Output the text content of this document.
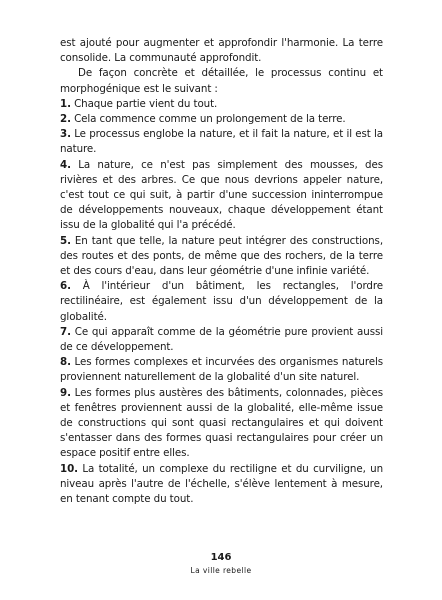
est ajouté pour augmenter et approfondir l'harmonie. La terre consolide. La communauté approfondit.

De façon concrète et détaillée, le processus continu et morphogénique est le suivant :

1. Chaque partie vient du tout.

2. Cela commence comme un prolongement de la terre.

3. Le processus englobe la nature, et il fait la nature, et il est la nature.

4. La nature, ce n'est pas simplement des mousses, des rivières et des arbres. Ce que nous devrions appeler nature, c'est tout ce qui suit, à partir d'une succession ininterrompue de développements nouveaux, chaque développement étant issu de la globalité qui l'a précédé.

5. En tant que telle, la nature peut intégrer des constructions, des routes et des ponts, de même que des rochers, de la terre et des cours d'eau, dans leur géométrie d'une infinie variété.

6. À l'intérieur d'un bâtiment, les rectangles, l'ordre rectilinéaire, est également issu d'un développement de la globalité.

7. Ce qui apparaît comme de la géométrie pure provient aussi de ce développement.

8. Les formes complexes et incurvées des organismes naturels proviennent naturellement de la globalité d'un site naturel.

9. Les formes plus austères des bâtiments, colonnades, pièces et fenêtres proviennent aussi de la globalité, elle-même issue de constructions qui sont quasi rectangulaires et qui doivent s'entasser dans des formes quasi rectangulaires pour créer un espace positif entre elles.

10. La totalité, un complexe du rectiligne et du curviligne, un niveau après l'autre de l'échelle, s'élève lentement à mesure, en tenant compte du tout.

146
La ville rebelle
